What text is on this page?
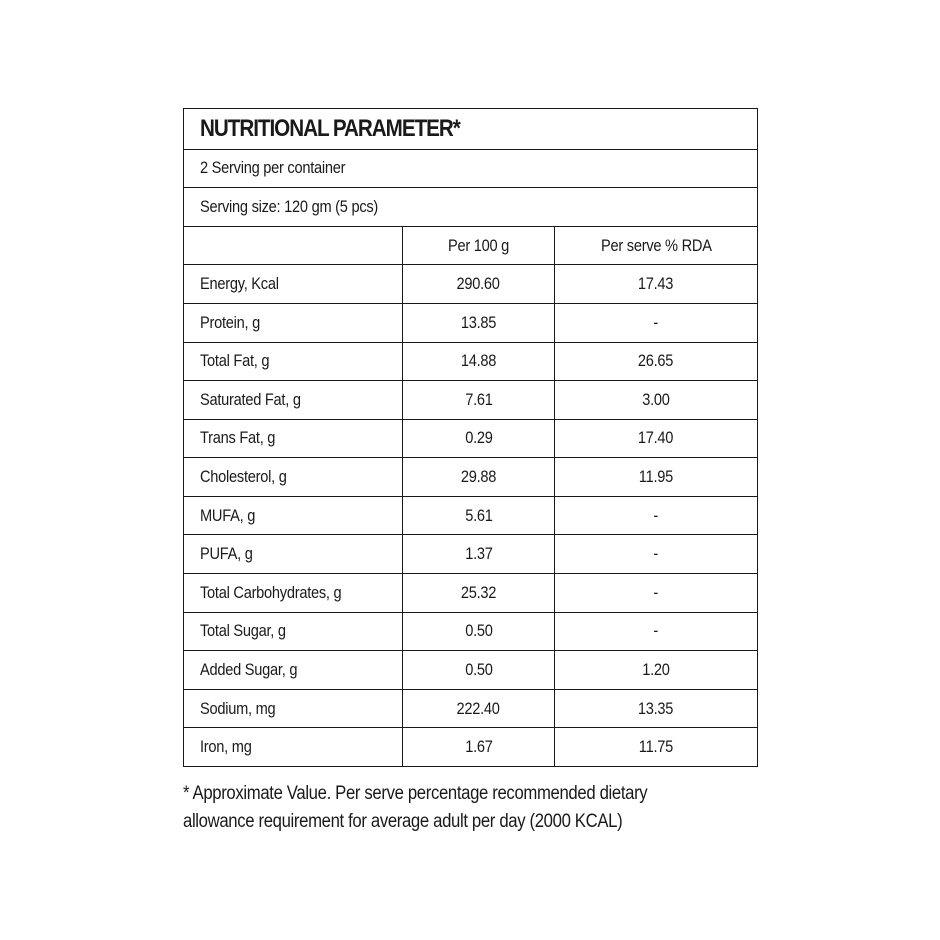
NUTRITIONAL PARAMETER*		
2 Serving per container		
Serving size: 120 gm (5 pcs)		
	Per 100 g	Per serve % RDA
Energy, Kcal	290.60	17.43
Protein, g	13.85	-
Total Fat, g	14.88	26.65
Saturated Fat, g	7.61	3.00
Trans Fat, g	0.29	17.40
Cholesterol, g	29.88	11.95
MUFA, g	5.61	-
PUFA, g	1.37	-
Total Carbohydrates, g	25.32	-
Total Sugar, g	0.50	-
Added Sugar, g	0.50	1.20
Sodium, mg	222.40	13.35
Iron, mg	1.67	11.75
* Approximate Value. Per serve percentage recommended dietary
allowance requirement for average adult per day (2000 KCAL)
